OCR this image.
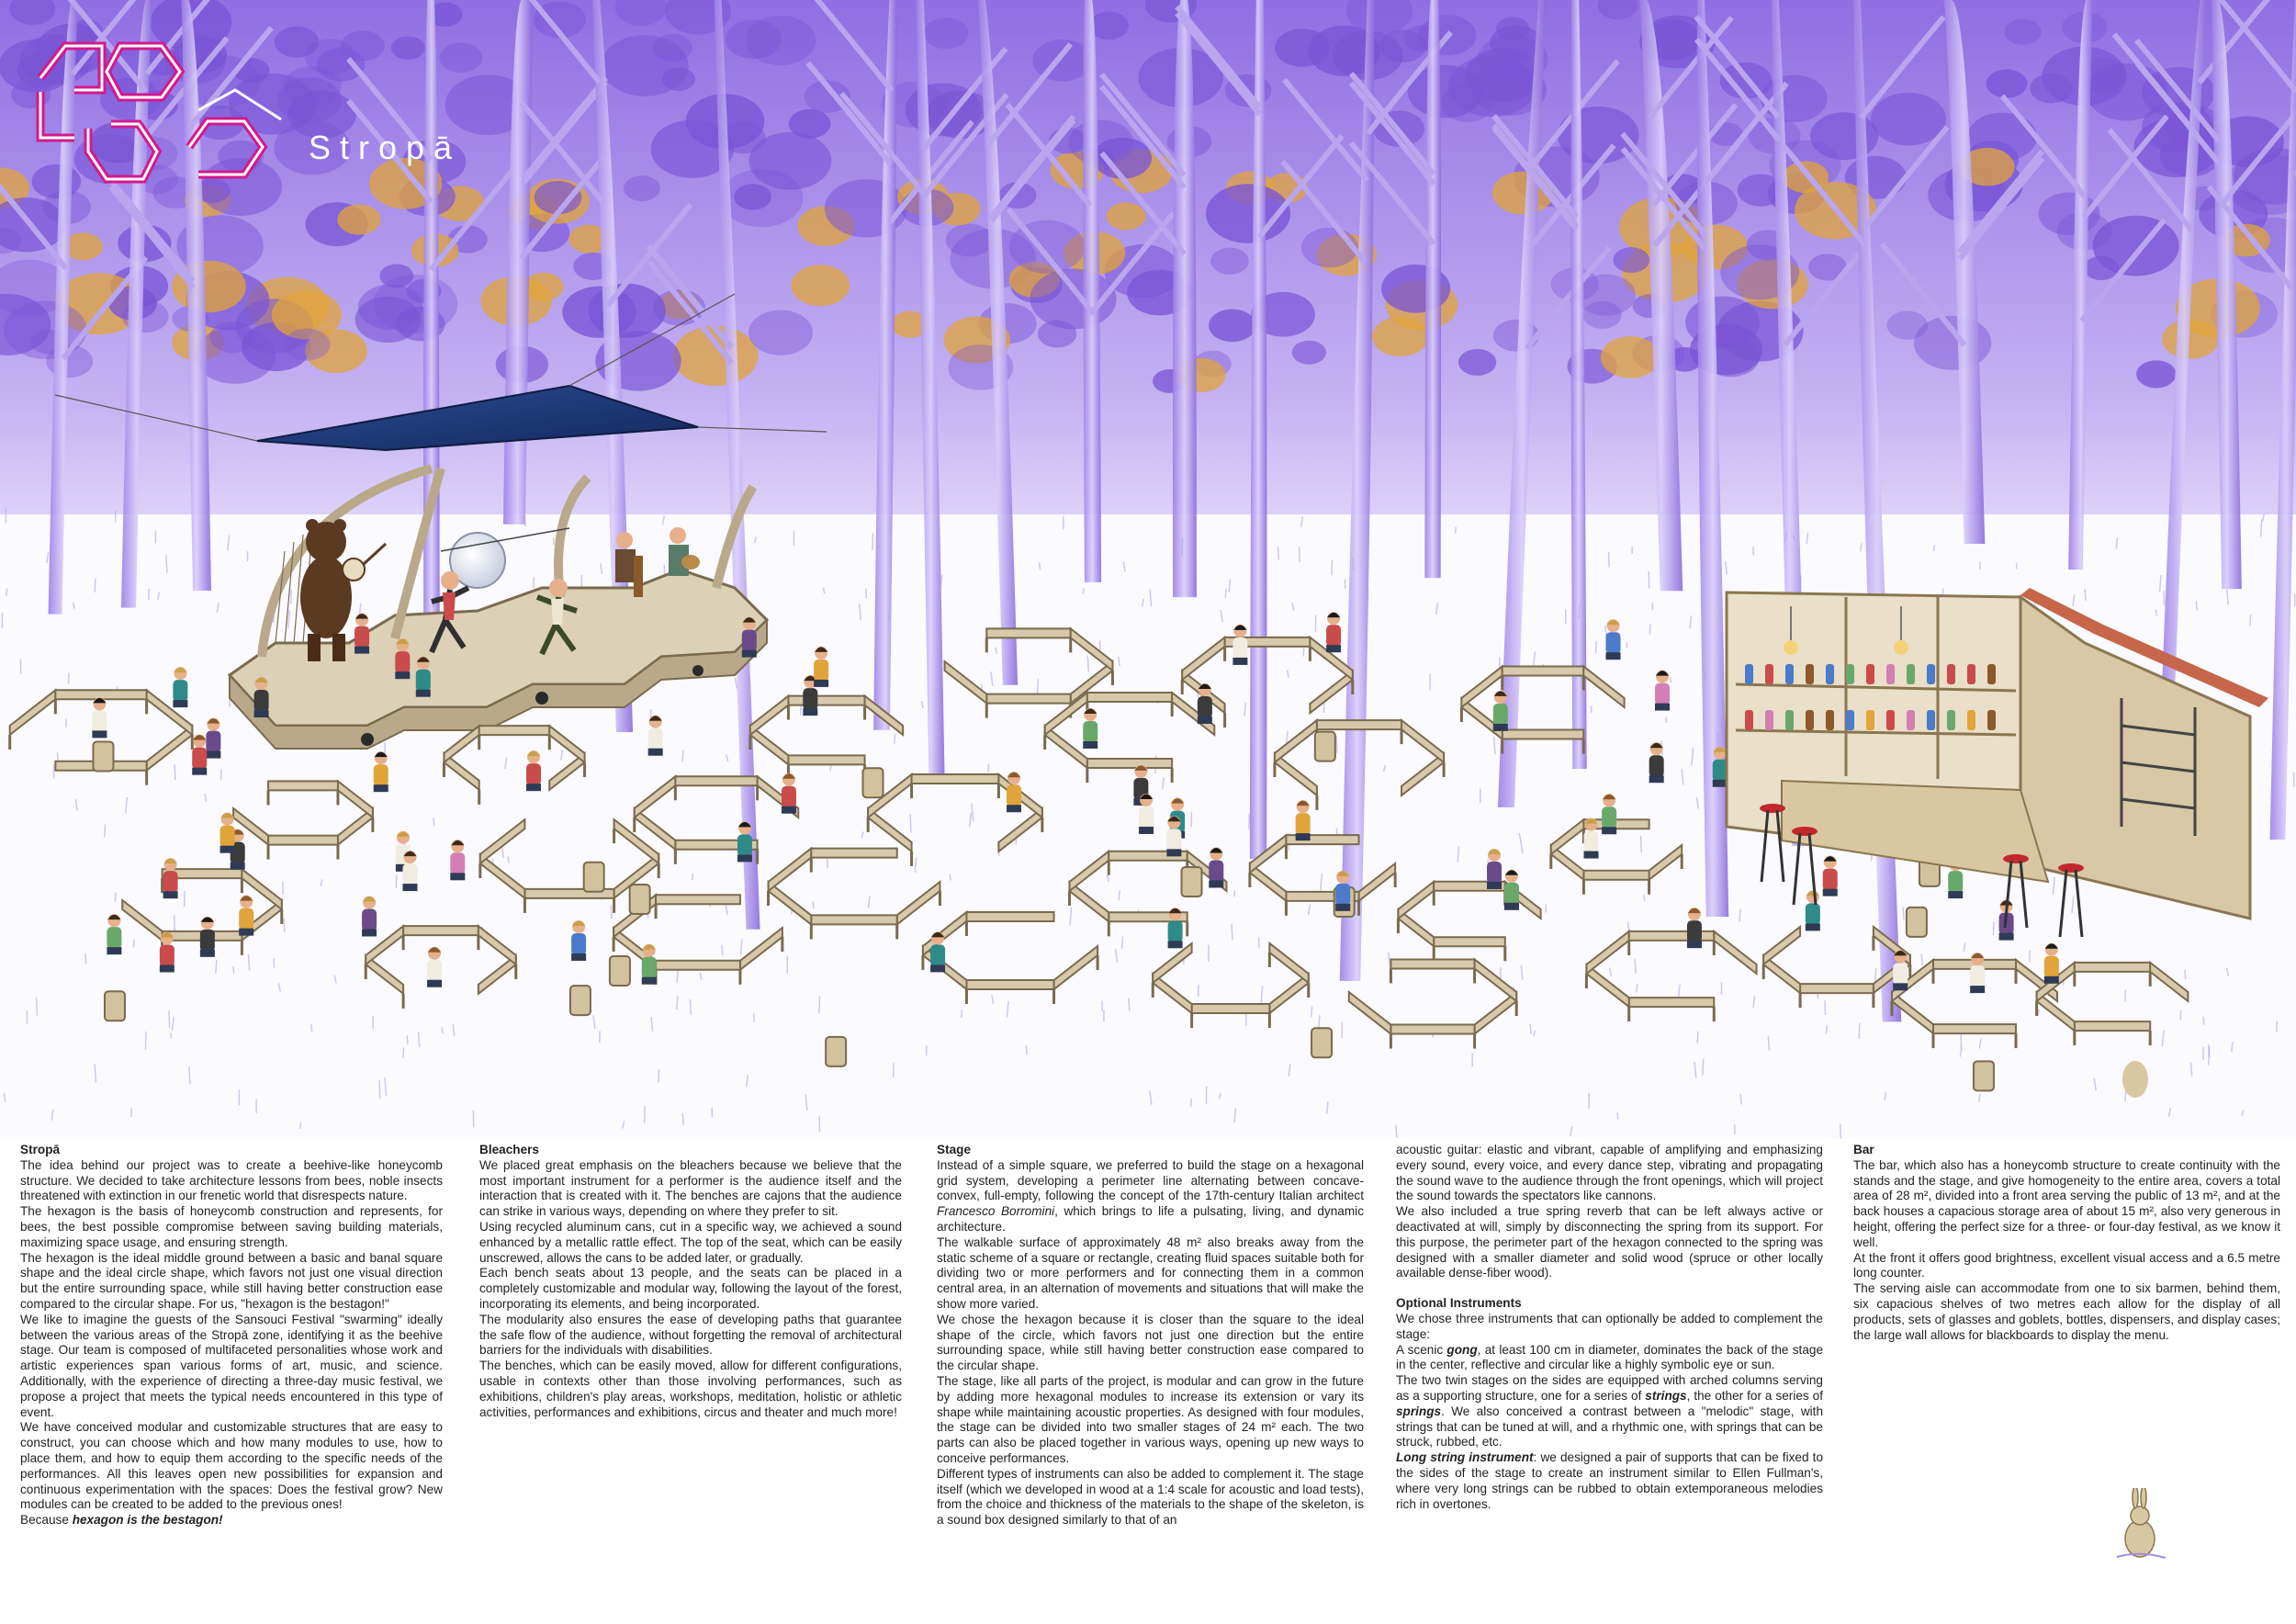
Stropā
Stropā

The idea behind our project was to create a beehive-like honeycomb structure. We decided to take architecture lessons from bees, noble insects threatened with extinction in our frenetic world that disrespects nature.

The hexagon is the basis of honeycomb construction and represents, for bees, the best possible compromise between saving building materials, maximizing space usage, and ensuring strength.

The hexagon is the ideal middle ground between a basic and banal square shape and the ideal circle shape, which favors not just one visual direction but the entire surrounding space, while still having better construction ease compared to the circular shape. For us, "hexagon is the bestagon!"

We like to imagine the guests of the Sansouci Festival "swarming" ideally between the various areas of the Stropā zone, identifying it as the beehive stage. Our team is composed of multifaceted personalities whose work and artistic experiences span various forms of art, music, and science. Additionally, with the experience of directing a three-day music festival, we propose a project that meets the typical needs encountered in this type of event.

We have conceived modular and customizable structures that are easy to construct, you can choose which and how many modules to use, how to place them, and how to equip them according to the specific needs of the performances. All this leaves open new possibilities for expansion and continuous experimentation with the spaces: Does the festival grow? New modules can be created to be added to the previous ones!

Because hexagon is the bestagon!

Bleachers

We placed great emphasis on the bleachers because we believe that the most important instrument for a performer is the audience itself and the interaction that is created with it. The benches are cajons that the audience can strike in various ways, depending on where they prefer to sit.

Using recycled aluminum cans, cut in a specific way, we achieved a sound enhanced by a metallic rattle effect. The top of the seat, which can be easily unscrewed, allows the cans to be added later, or gradually.

Each bench seats about 13 people, and the seats can be placed in a completely customizable and modular way, following the layout of the forest, incorporating its elements, and being incorporated.

The modularity also ensures the ease of developing paths that guarantee the safe flow of the audience, without forgetting the removal of architectural barriers for the individuals with disabilities.

The benches, which can be easily moved, allow for different configurations, usable in contexts other than those involving performances, such as exhibitions, children's play areas, workshops, meditation, holistic or athletic activities, performances and exhibitions, circus and theater and much more!

Stage

Instead of a simple square, we preferred to build the stage on a hexagonal grid system, developing a perimeter line alternating between concave-convex, full-empty, following the concept of the 17th-century Italian architect Francesco Borromini, which brings to life a pulsating, living, and dynamic architecture.

The walkable surface of approximately 48 m² also breaks away from the static scheme of a square or rectangle, creating fluid spaces suitable both for dividing two or more performers and for connecting them in a common central area, in an alternation of movements and situations that will make the show more varied.

We chose the hexagon because it is closer than the square to the ideal shape of the circle, which favors not just one direction but the entire surrounding space, while still having better construction ease compared to the circular shape.

The stage, like all parts of the project, is modular and can grow in the future by adding more hexagonal modules to increase its extension or vary its shape while maintaining acoustic properties. As designed with four modules, the stage can be divided into two smaller stages of 24 m² each. The two parts can also be placed together in various ways, opening up new ways to conceive performances.

Different types of instruments can also be added to complement it. The stage itself (which we developed in wood at a 1:4 scale for acoustic and load tests), from the choice and thickness of the materials to the shape of the skeleton, is a sound box designed similarly to that of an

acoustic guitar: elastic and vibrant, capable of amplifying and emphasizing every sound, every voice, and every dance step, vibrating and propagating the sound wave to the audience through the front openings, which will project the sound towards the spectators like cannons.

We also included a true spring reverb that can be left always active or deactivated at will, simply by disconnecting the spring from its support. For this purpose, the perimeter part of the hexagon connected to the spring was designed with a smaller diameter and solid wood (spruce or other locally available dense-fiber wood).

Optional Instruments

We chose three instruments that can optionally be added to complement the stage:

A scenic gong, at least 100 cm in diameter, dominates the back of the stage in the center, reflective and circular like a highly symbolic eye or sun.

The two twin stages on the sides are equipped with arched columns serving as a supporting structure, one for a series of strings, the other for a series of springs. We also conceived a contrast between a "melodic" stage, with strings that can be tuned at will, and a rhythmic one, with springs that can be struck, rubbed, etc.

Long string instrument: we designed a pair of supports that can be fixed to the sides of the stage to create an instrument similar to Ellen Fullman's, where very long strings can be rubbed to obtain extemporaneous melodies rich in overtones.

Bar

The bar, which also has a honeycomb structure to create continuity with the stands and the stage, and give homogeneity to the entire area, covers a total area of 28 m², divided into a front area serving the public of 13 m², and at the back houses a capacious storage area of about 15 m², also very generous in height, offering the perfect size for a three- or four-day festival, as we know it well.

At the front it offers good brightness, excellent visual access and a 6.5 metre long counter.

The serving aisle can accommodate from one to six barmen, behind them, six capacious shelves of two metres each allow for the display of all products, sets of glasses and goblets, bottles, dispensers, and display cases; the large wall allows for blackboards to display the menu.
